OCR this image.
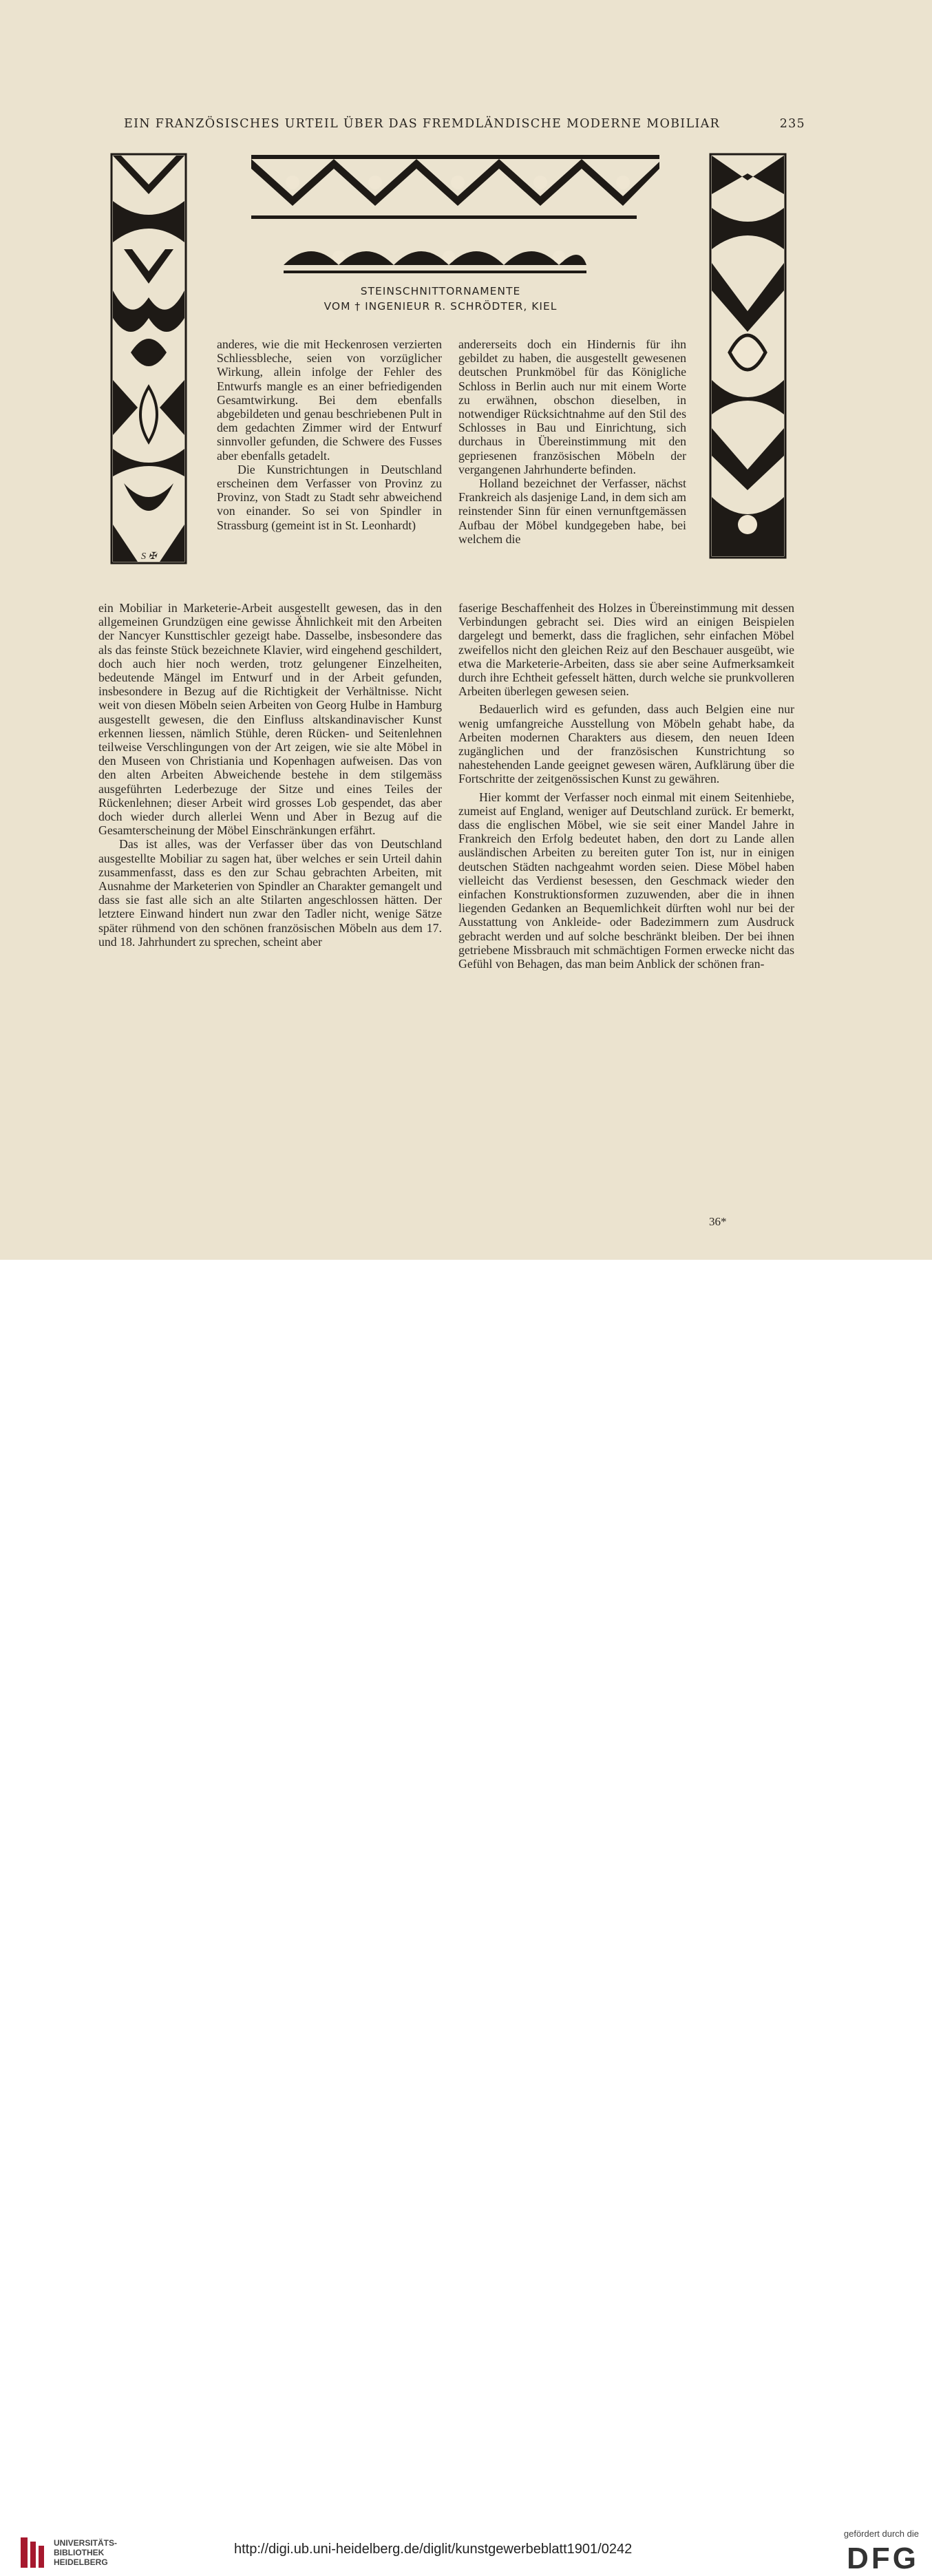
EIN FRANZÖSISCHES URTEIL ÜBER DAS FREMDLÄNDISCHE MODERNE MOBILIAR	235
S ✠
STEINSCHNITTORNAMENTE
VOM † INGENIEUR R. SCHRÖDTER, KIEL

anderes, wie die mit Heckenrosen verzierten Schliessbleche, seien von vorzüglicher Wirkung, allein infolge der Fehler des Entwurfs mangle es an einer befriedigenden Gesamtwirkung. Bei dem ebenfalls abgebildeten und genau beschriebenen Pult in dem gedachten Zimmer wird der Entwurf sinnvoller gefunden, die Schwere des Fusses aber ebenfalls getadelt.

Die Kunstrichtungen in Deutschland erscheinen dem Verfasser von Provinz zu Provinz, von Stadt zu Stadt sehr abweichend von einander. So sei von Spindler in Strassburg (gemeint ist in St. Leonhardt)

ein Mobiliar in Marketerie-Arbeit ausgestellt gewesen, das in den allgemeinen Grundzügen eine gewisse Ähnlichkeit mit den Arbeiten der Nancyer Kunsttischler gezeigt habe. Dasselbe, insbesondere das als das feinste Stück bezeichnete Klavier, wird eingehend geschildert, doch auch hier noch werden, trotz gelungener Einzelheiten, bedeutende Mängel im Entwurf und in der Arbeit gefunden, insbesondere in Bezug auf die Richtigkeit der Verhältnisse. Nicht weit von diesen Möbeln seien Arbeiten von Georg Hulbe in Hamburg ausgestellt gewesen, die den Einfluss altskandinavischer Kunst erkennen liessen, nämlich Stühle, deren Rücken- und Seitenlehnen teilweise Verschlingungen von der Art zeigen, wie sie alte Möbel in den Museen von Christiania und Kopenhagen aufweisen. Das von den alten Arbeiten Abweichende bestehe in dem stilgemäss ausgeführten Lederbezuge der Sitze und eines Teiles der Rückenlehnen; dieser Arbeit wird grosses Lob gespendet, das aber doch wieder durch allerlei Wenn und Aber in Bezug auf die Gesamterscheinung der Möbel Einschränkungen erfährt.

Das ist alles, was der Verfasser über das von Deutschland ausgestellte Mobiliar zu sagen hat, über welches er sein Urteil dahin zusammenfasst, dass es den zur Schau gebrachten Arbeiten, mit Ausnahme der Marketerien von Spindler an Charakter gemangelt und dass sie fast alle sich an alte Stilarten angeschlossen hätten. Der letztere Einwand hindert nun zwar den Tadler nicht, wenige Sätze später rühmend von den schönen französischen Möbeln aus dem 17. und 18. Jahrhundert zu sprechen, scheint aber

andererseits doch ein Hindernis für ihn gebildet zu haben, die ausgestellt gewesenen deutschen Prunkmöbel für das Königliche Schloss in Berlin auch nur mit einem Worte zu erwähnen, obschon dieselben, in notwendiger Rücksichtnahme auf den Stil des Schlosses in Bau und Einrichtung, sich durchaus in Übereinstimmung mit den gepriesenen französischen Möbeln der vergangenen Jahrhunderte befinden.

Holland bezeichnet der Verfasser, nächst Frankreich als dasjenige Land, in dem sich am reinstender Sinn für einen vernunftgemässen Aufbau der Möbel kundgegeben habe, bei welchem die

faserige Beschaffenheit des Holzes in Übereinstimmung mit dessen Verbindungen gebracht sei. Dies wird an einigen Beispielen dargelegt und bemerkt, dass die fraglichen, sehr einfachen Möbel zweifellos nicht den gleichen Reiz auf den Beschauer ausgeübt, wie etwa die Marketerie-Arbeiten, dass sie aber seine Aufmerksamkeit durch ihre Echtheit gefesselt hätten, durch welche sie prunkvolleren Arbeiten überlegen gewesen seien.

Bedauerlich wird es gefunden, dass auch Belgien eine nur wenig umfangreiche Ausstellung von Möbeln gehabt habe, da Arbeiten modernen Charakters aus diesem, den neuen Ideen zugänglichen und der französischen Kunstrichtung so nahestehenden Lande geeignet gewesen wären, Aufklärung über die Fortschritte der zeitgenössischen Kunst zu gewähren.

Hier kommt der Verfasser noch einmal mit einem Seitenhiebe, zumeist auf England, weniger auf Deutschland zurück. Er bemerkt, dass die englischen Möbel, wie sie seit einer Mandel Jahre in Frankreich den Erfolg bedeutet haben, den dort zu Lande allen ausländischen Arbeiten zu bereiten guter Ton ist, nur in einigen deutschen Städten nachgeahmt worden seien. Diese Möbel haben vielleicht das Verdienst besessen, den Geschmack wieder den einfachen Konstruktionsformen zuzuwenden, aber die in ihnen liegenden Gedanken an Bequemlichkeit dürften wohl nur bei der Ausstattung von Ankleide- oder Badezimmern zum Ausdruck gebracht werden und auf solche beschränkt bleiben. Der bei ihnen getriebene Missbrauch mit schmächtigen Formen erwecke nicht das Gefühl von Behagen, das man beim Anblick der schönen fran-

36*
UNIVERSITÄTS-
BIBLIOTHEK
HEIDELBERG
http://digi.ub.uni-heidelberg.de/diglit/kunstgewerbeblatt1901/0242
gefördert durch die
DFG
